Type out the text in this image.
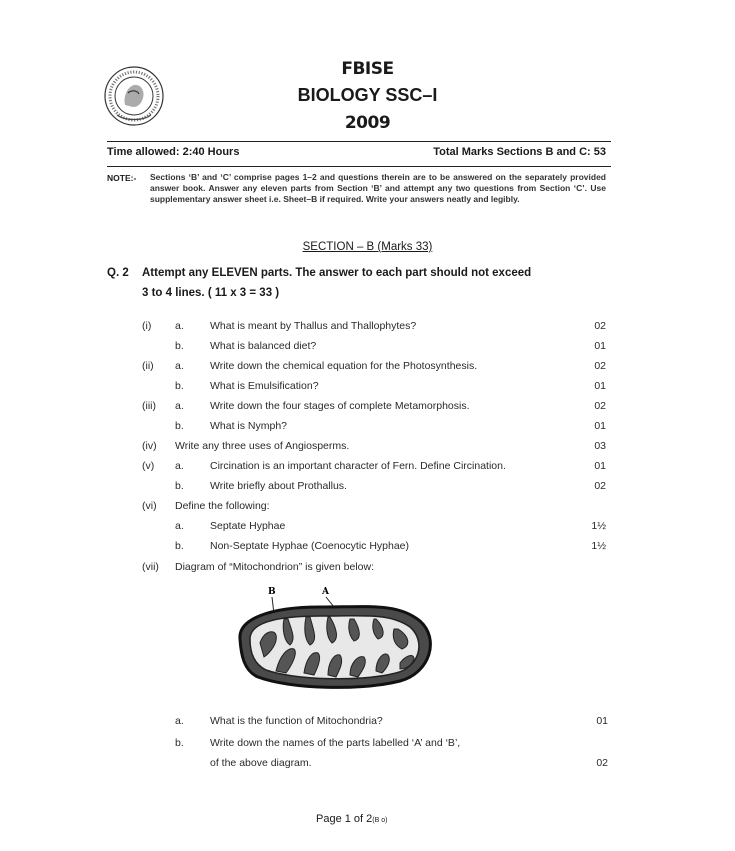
FBISE
BIOLOGY SSC–I
2009
Time allowed: 2:40 Hours	Total Marks Sections B and C: 53
NOTE:- Sections ‘B’ and ‘C’ comprise pages 1–2 and questions therein are to be answered on the separately provided answer book. Answer any eleven parts from Section ‘B’ and attempt any two questions from Section ‘C’. Use supplementary answer sheet i.e. Sheet–B if required. Write your answers neatly and legibly.
SECTION – B (Marks 33)
Q. 2 Attempt any ELEVEN parts. The answer to each part should not exceed
3 to 4 lines. ( 11 x 3 = 33 )
(i) a. What is meant by Thallus and Thallophytes?	02
b. What is balanced diet?	01
(ii) a. Write down the chemical equation for the Photosynthesis.	02
b. What is Emulsification?	01
(iii) a. Write down the four stages of complete Metamorphosis.	02
b. What is Nymph?	01
(iv) Write any three uses of Angiosperms.	03
(v) a. Circination is an important character of Fern. Define Circination.	01
b. Write briefly about Prothallus.	02
(vi) Define the following:
a. Septate Hyphae	1½
b. Non-Septate Hyphae (Coenocytic Hyphae)	1½
(vii) Diagram of “Mitochondrion” is given below:
B	A
a. What is the function of Mitochondria?	01
b. Write down the names of the parts labelled ‘A’ and ‘B’,
of the above diagram.	02
Page 1 of 2(B o)
